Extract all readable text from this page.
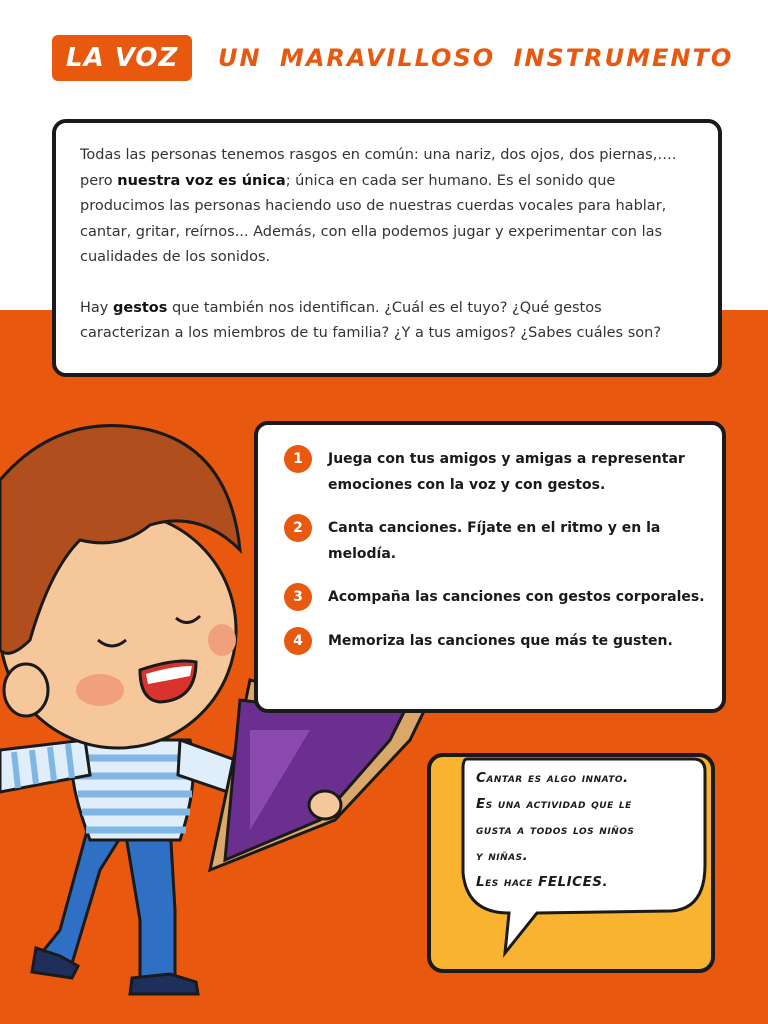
LA VOZ	UN MARAVILLOSO INSTRUMENTO

Todas las personas tenemos rasgos en común: una nariz, dos ojos, dos piernas,…. pero nuestra voz es única; única en cada ser humano. Es el sonido que producimos las personas haciendo uso de nuestras cuerdas vocales para hablar, cantar, gritar, reírnos... Además, con ella podemos jugar y experimentar con las cualidades de los sonidos.

Hay gestos que también nos identifican. ¿Cuál es el tuyo? ¿Qué gestos caracterizan a los miembros de tu familia? ¿Y a tus amigos? ¿Sabes cuáles son?

1	Juega con tus amigos y amigas a representar emociones con la voz y con gestos.
2	Canta canciones. Fíjate en el ritmo y en la melodía.
3	Acompaña las canciones con gestos corporales.
4	Memoriza las canciones que más te gusten.
Cantar es algo innato.
Es una actividad que le
gusta a todos los niños
y niñas.
Les hace FELICES.
